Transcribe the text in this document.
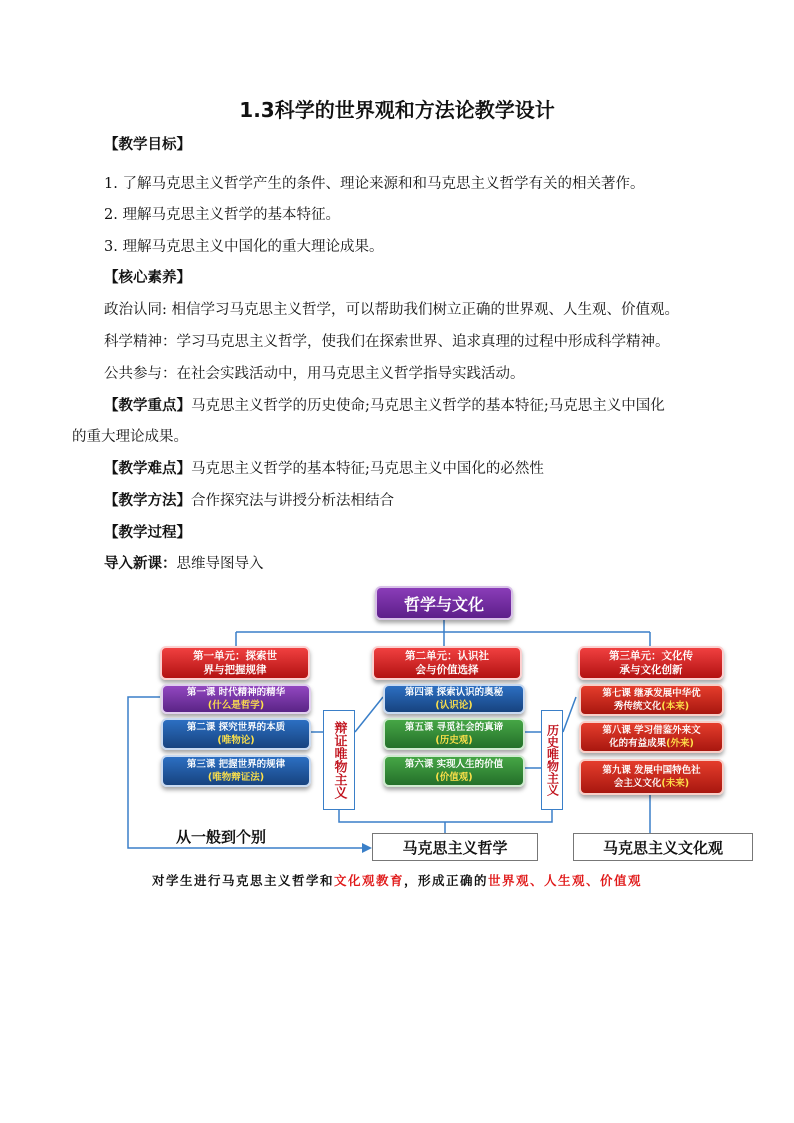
1.3科学的世界观和方法论教学设计
【教学目标】
1. 了解马克思主义哲学产生的条件、理论来源和和马克思主义哲学有关的相关著作。
2. 理解马克思主义哲学的基本特征。
3. 理解马克思主义中国化的重大理论成果。
【核心素养】
政治认同: 相信学习马克思主义哲学，可以帮助我们树立正确的世界观、人生观、价值观。
科学精神：学习马克思主义哲学，使我们在探索世界、追求真理的过程中形成科学精神。
公共参与：在社会实践活动中，用马克思主义哲学指导实践活动。
【教学重点】马克思主义哲学的历史使命;马克思主义哲学的基本特征;马克思主义中国化
的重大理论成果。
【教学难点】马克思主义哲学的基本特征;马克思主义中国化的必然性
【教学方法】合作探究法与讲授分析法相结合
【教学过程】
导入新课：思维导图导入
哲学与文化
第一单元：探索世
界与把握规律
第二单元：认识社
会与价值选择
第三单元：文化传
承与文化创新
第一课 时代精神的精华
(什么是哲学)
第二课 探究世界的本质
(唯物论)
第三课 把握世界的规律
(唯物辩证法)	辩证唯物主义
第四课 探索认识的奥秘
(认识论)
第五课 寻觅社会的真谛
(历史观)
第六课 实现人生的价值
(价值观)	历史唯物主义
第七课 继承发展中华优
秀传统文化(本来)
第八课 学习借鉴外来文
化的有益成果(外来)
第九课 发展中国特色社
会主义文化(未来)
从一般到个别
马克思主义哲学	马克思主义文化观
对学生进行马克思主义哲学和文化观教育，形成正确的世界观、人生观、价值观
